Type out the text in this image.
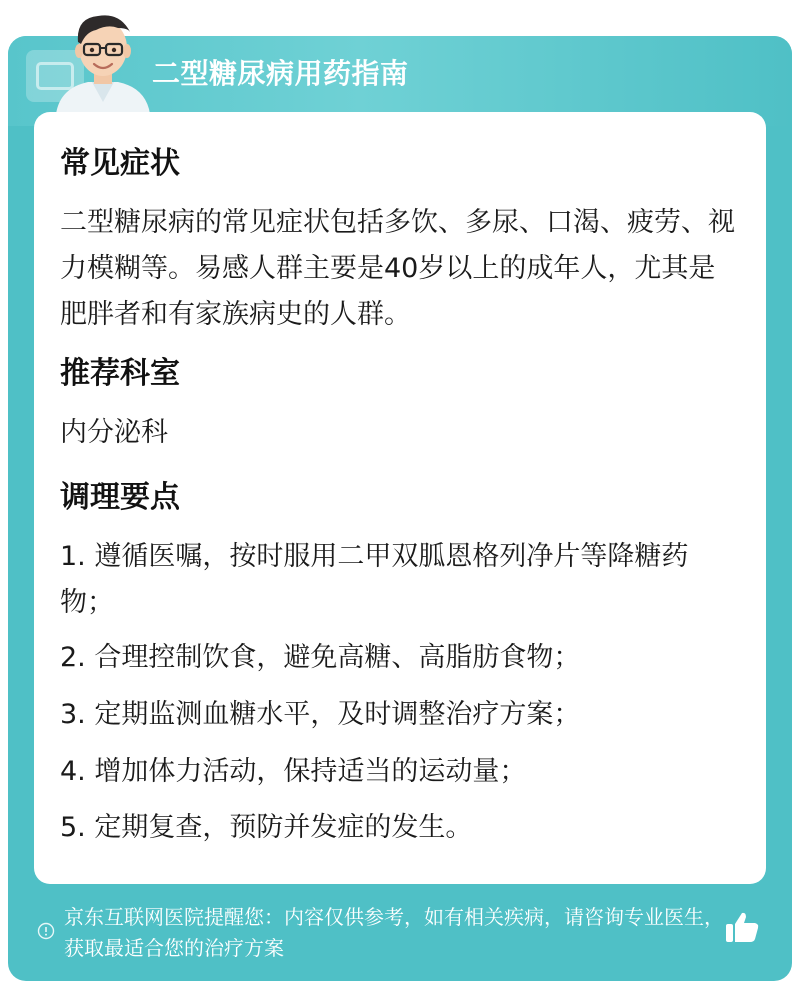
二型糖尿病用药指南
常见症状
二型糖尿病的常见症状包括多饮、多尿、口渴、疲劳、视力模糊等。易感人群主要是40岁以上的成年人，尤其是肥胖者和有家族病史的人群。
推荐科室
内分泌科
调理要点
1. 遵循医嘱，按时服用二甲双胍恩格列净片等降糖药物；
2. 合理控制饮食，避免高糖、高脂肪食物；
3. 定期监测血糖水平，及时调整治疗方案；
4. 增加体力活动，保持适当的运动量；
5. 定期复查，预防并发症的发生。
京东互联网医院提醒您：内容仅供参考，如有相关疾病，请咨询专业医生，获取最适合您的治疗方案
